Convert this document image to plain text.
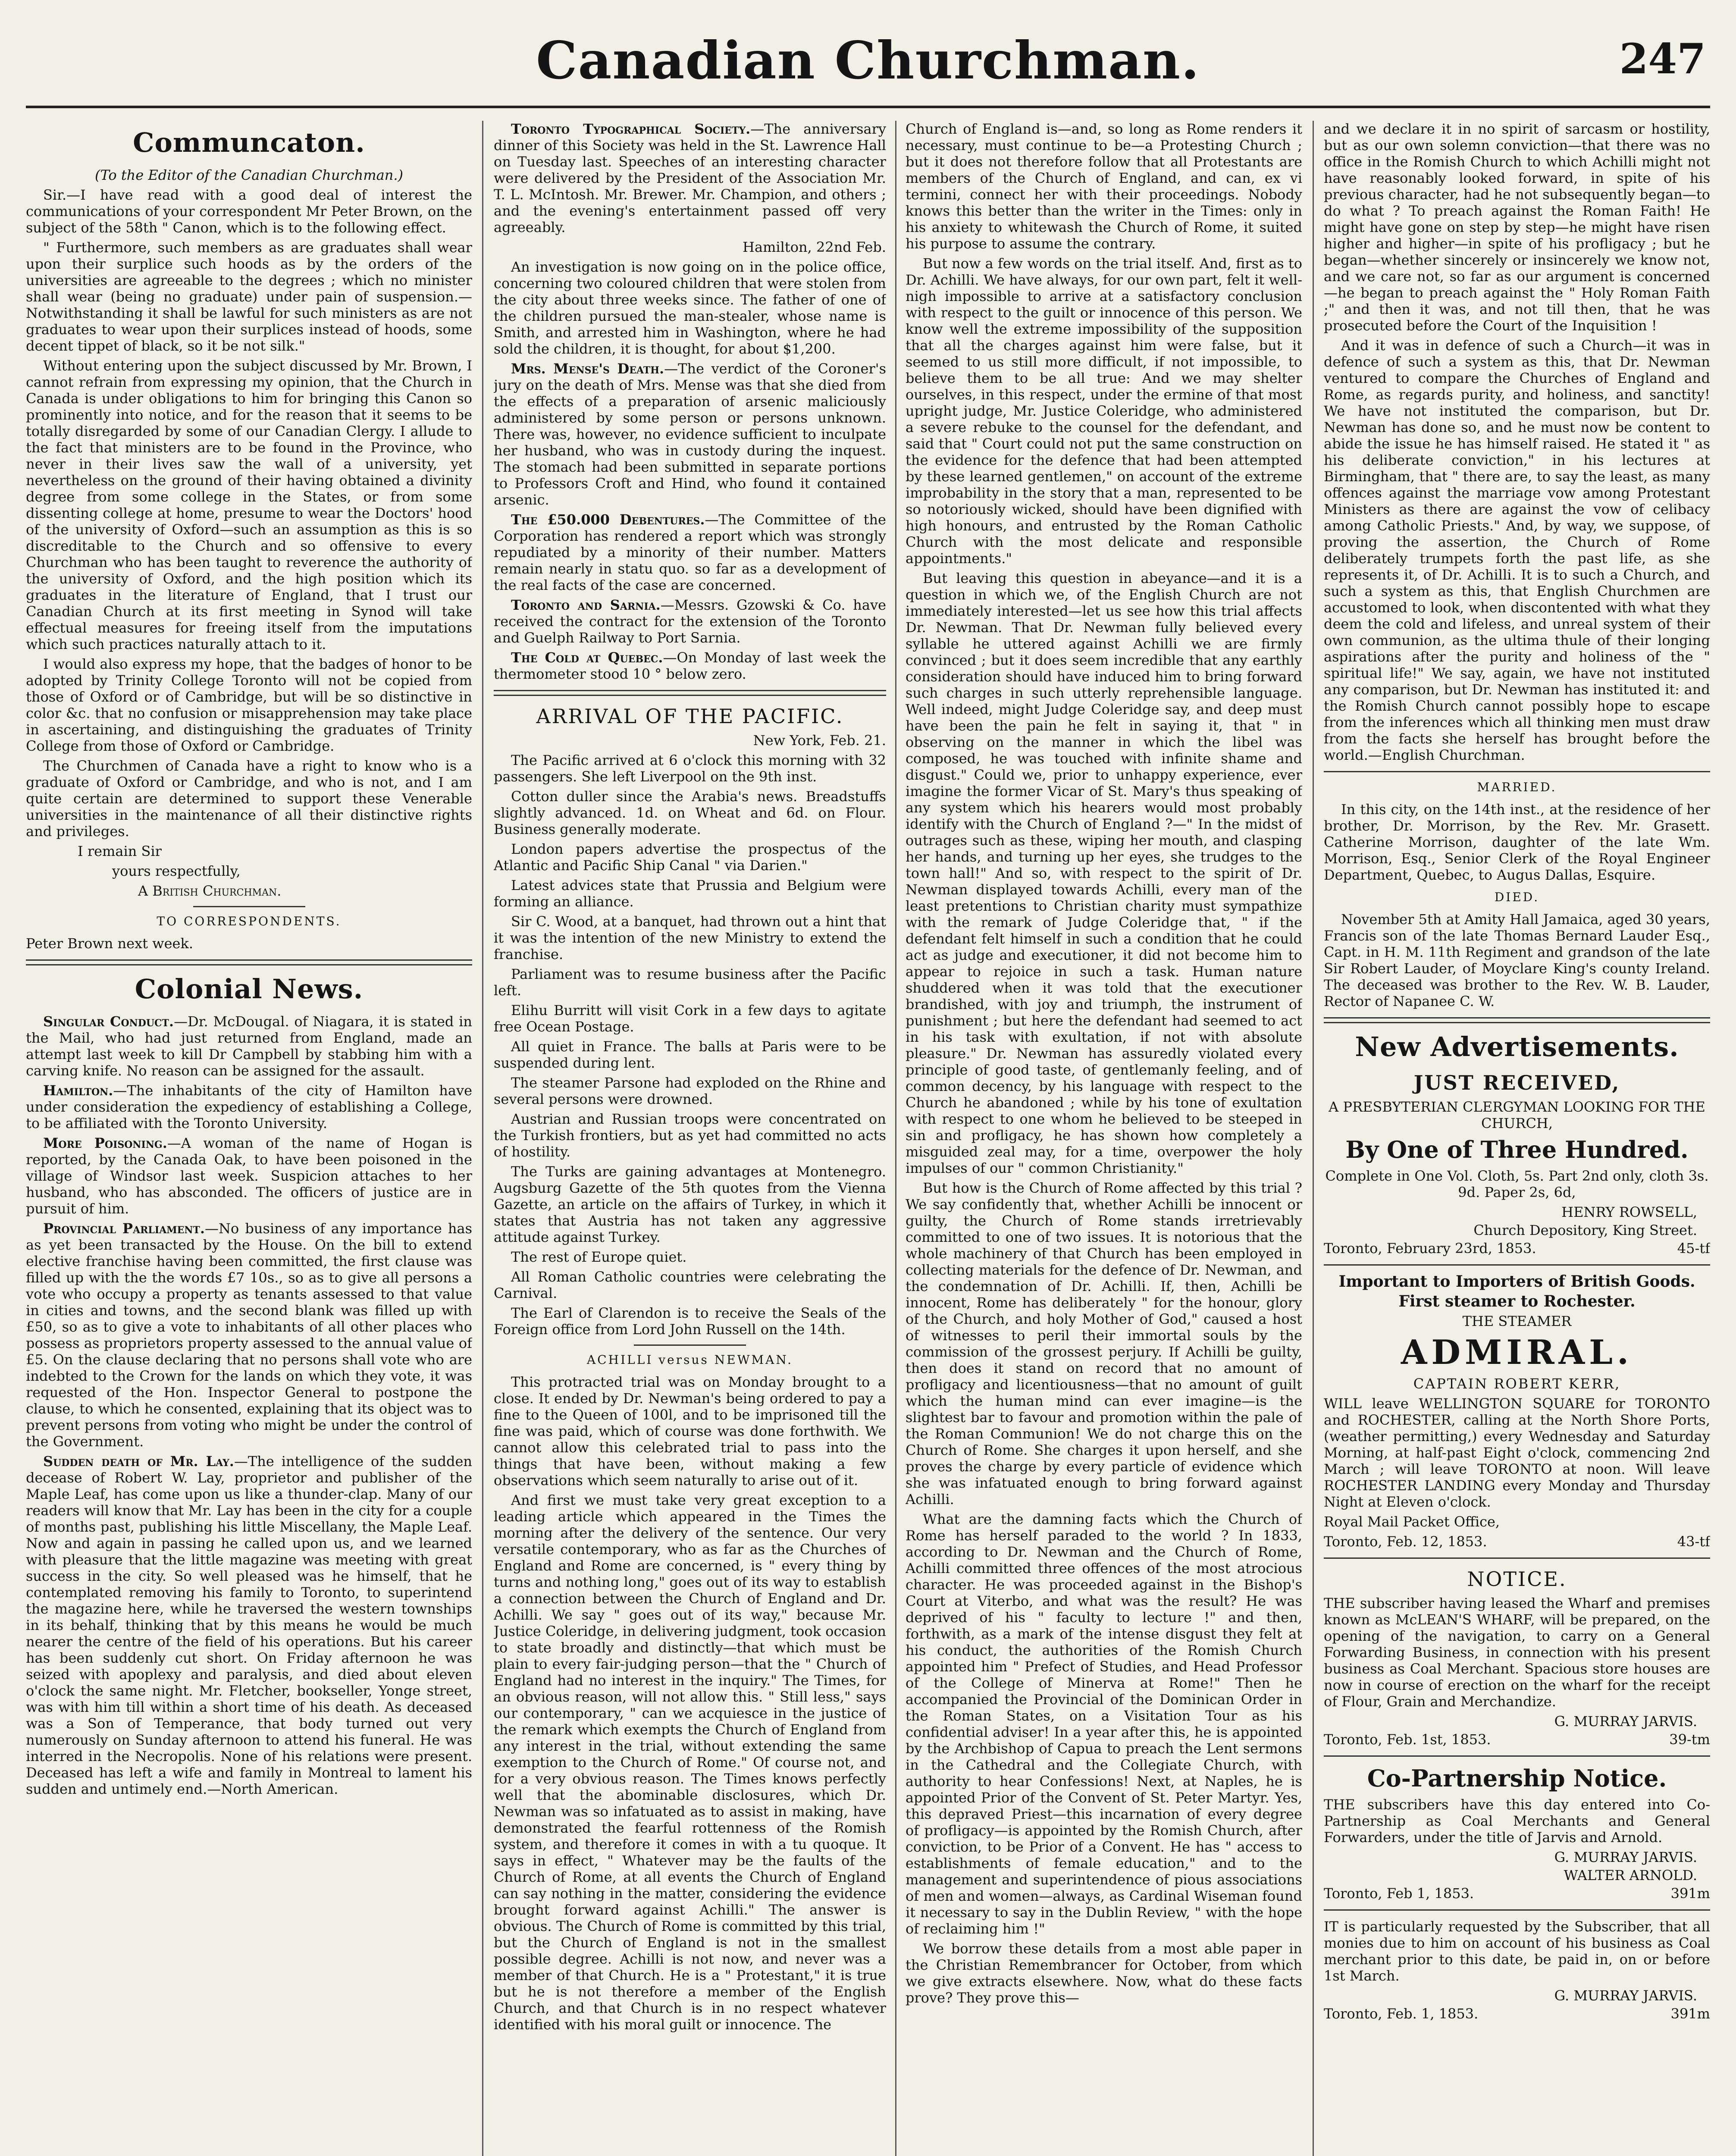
Canadian Churchman.	247
Communcaton.

(To the Editor of the Canadian Churchman.)

Sir.—I have read with a good deal of interest the communications of your correspondent Mr Peter Brown, on the subject of the 58th " Canon, which is to the following effect.

" Furthermore, such members as are graduates shall wear upon their surplice such hoods as by the orders of the universities are agreeable to the degrees ; which no minister shall wear (being no graduate) under pain of suspension.—Notwithstanding it shall be lawful for such ministers as are not graduates to wear upon their surplices instead of hoods, some decent tippet of black, so it be not silk."

Without entering upon the subject discussed by Mr. Brown, I cannot refrain from expressing my opinion, that the Church in Canada is under obligations to him for bringing this Canon so prominently into notice, and for the reason that it seems to be totally disregarded by some of our Canadian Clergy. I allude to the fact that ministers are to be found in the Province, who never in their lives saw the wall of a university, yet nevertheless on the ground of their having obtained a divinity degree from some college in the States, or from some dissenting college at home, presume to wear the Doctors' hood of the university of Oxford—such an assumption as this is so discreditable to the Church and so offensive to every Churchman who has been taught to reverence the authority of the university of Oxford, and the high position which its graduates in the literature of England, that I trust our Canadian Church at its first meeting in Synod will take effectual measures for freeing itself from the imputations which such practices naturally attach to it.

I would also express my hope, that the badges of honor to be adopted by Trinity College Toronto will not be copied from those of Oxford or of Cambridge, but will be so distinctive in color &c. that no confusion or misapprehension may take place in ascertaining, and distinguishing the graduates of Trinity College from those of Oxford or Cambridge.

The Churchmen of Canada have a right to know who is a graduate of Oxford or Cambridge, and who is not, and I am quite certain are determined to support these Venerable universities in the maintenance of all their distinctive rights and privileges.

I remain Sir

yours respectfully,

A British Churchman.

TO CORRESPONDENTS.

Peter Brown next week.

Colonial News.

Singular Conduct.—Dr. McDougal. of Niagara, it is stated in the Mail, who had just returned from England, made an attempt last week to kill Dr Campbell by stabbing him with a carving knife. No reason can be assigned for the assault.

Hamilton.—The inhabitants of the city of Hamilton have under consideration the expediency of establishing a College, to be affiliated with the Toronto University.

More Poisoning.—A woman of the name of Hogan is reported, by the Canada Oak, to have been poisoned in the village of Windsor last week. Suspicion attaches to her husband, who has absconded. The officers of justice are in pursuit of him.

Provincial Parliament.—No business of any importance has as yet been transacted by the House. On the bill to extend elective franchise having been committed, the first clause was filled up with the the words £7 10s., so as to give all persons a vote who occupy a property as tenants assessed to that value in cities and towns, and the second blank was filled up with £50, so as to give a vote to inhabitants of all other places who possess as proprietors property assessed to the annual value of £5. On the clause declaring that no persons shall vote who are indebted to the Crown for the lands on which they vote, it was requested of the Hon. Inspector General to postpone the clause, to which he consented, explaining that its object was to prevent persons from voting who might be under the control of the Government.

Sudden death of Mr. Lay.—The intelligence of the sudden decease of Robert W. Lay, proprietor and publisher of the Maple Leaf, has come upon us like a thunder-clap. Many of our readers will know that Mr. Lay has been in the city for a couple of months past, publishing his little Miscellany, the Maple Leaf. Now and again in passing he called upon us, and we learned with pleasure that the little magazine was meeting with great success in the city. So well pleased was he himself, that he contemplated removing his family to Toronto, to superintend the magazine here, while he traversed the western townships in its behalf, thinking that by this means he would be much nearer the centre of the field of his operations. But his career has been suddenly cut short. On Friday afternoon he was seized with apoplexy and paralysis, and died about eleven o'clock the same night. Mr. Fletcher, bookseller, Yonge street, was with him till within a short time of his death. As deceased was a Son of Temperance, that body turned out very numerously on Sunday afternoon to attend his funeral. He was interred in the Necropolis. None of his relations were present. Deceased has left a wife and family in Montreal to lament his sudden and untimely end.—North American.

Toronto Typographical Society.—The anniversary dinner of this Society was held in the St. Lawrence Hall on Tuesday last. Speeches of an interesting character were delivered by the President of the Association Mr. T. L. McIntosh. Mr. Brewer. Mr. Champion, and others ; and the evening's entertainment passed off very agreeably.

Hamilton, 22nd Feb.

An investigation is now going on in the police office, concerning two coloured children that were stolen from the city about three weeks since. The father of one of the children pursued the man-stealer, whose name is Smith, and arrested him in Washington, where he had sold the children, it is thought, for about $1,200.

Mrs. Mense's Death.—The verdict of the Coroner's jury on the death of Mrs. Mense was that she died from the effects of a preparation of arsenic maliciously administered by some person or persons unknown. There was, however, no evidence sufficient to inculpate her husband, who was in custody during the inquest. The stomach had been submitted in separate portions to Professors Croft and Hind, who found it contained arsenic.

The £50.000 Debentures.—The Committee of the Corporation has rendered a report which was strongly repudiated by a minority of their number. Matters remain nearly in statu quo. so far as a development of the real facts of the case are concerned.

Toronto and Sarnia.—Messrs. Gzowski & Co. have received the contract for the extension of the Toronto and Guelph Railway to Port Sarnia.

The Cold at Quebec.—On Monday of last week the thermometer stood 10 ° below zero.

ARRIVAL OF THE PACIFIC.

New York, Feb. 21.

The Pacific arrived at 6 o'clock this morning with 32 passengers. She left Liverpool on the 9th inst.

Cotton duller since the Arabia's news. Breadstuffs slightly advanced. 1d. on Wheat and 6d. on Flour. Business generally moderate.

London papers advertise the prospectus of the Atlantic and Pacific Ship Canal " via Darien."

Latest advices state that Prussia and Belgium were forming an alliance.

Sir C. Wood, at a banquet, had thrown out a hint that it was the intention of the new Ministry to extend the franchise.

Parliament was to resume business after the Pacific left.

Elihu Burritt will visit Cork in a few days to agitate free Ocean Postage.

All quiet in France. The balls at Paris were to be suspended during lent.

The steamer Parsone had exploded on the Rhine and several persons were drowned.

Austrian and Russian troops were concentrated on the Turkish frontiers, but as yet had committed no acts of hostility.

The Turks are gaining advantages at Montenegro. Augsburg Gazette of the 5th quotes from the Vienna Gazette, an article on the affairs of Turkey, in which it states that Austria has not taken any aggressive attitude against Turkey.

The rest of Europe quiet.

All Roman Catholic countries were celebrating the Carnival.

The Earl of Clarendon is to receive the Seals of the Foreign office from Lord John Russell on the 14th.

ACHILLI versus NEWMAN.

This protracted trial was on Monday brought to a close. It ended by Dr. Newman's being ordered to pay a fine to the Queen of 100l, and to be imprisoned till the fine was paid, which of course was done forthwith. We cannot allow this celebrated trial to pass into the things that have been, without making a few observations which seem naturally to arise out of it.

And first we must take very great exception to a leading article which appeared in the Times the morning after the delivery of the sentence. Our very versatile contemporary, who as far as the Churches of England and Rome are concerned, is " every thing by turns and nothing long," goes out of its way to establish a connection between the Church of England and Dr. Achilli. We say " goes out of its way," because Mr. Justice Coleridge, in delivering judgment, took occasion to state broadly and distinctly—that which must be plain to every fair-judging person—that the " Church of England had no interest in the inquiry." The Times, for an obvious reason, will not allow this. " Still less," says our contemporary, " can we acquiesce in the justice of the remark which exempts the Church of England from any interest in the trial, without extending the same exemption to the Church of Rome." Of course not, and for a very obvious reason. The Times knows perfectly well that the abominable disclosures, which Dr. Newman was so infatuated as to assist in making, have demonstrated the fearful rottenness of the Romish system, and therefore it comes in with a tu quoque. It says in effect, " Whatever may be the faults of the Church of Rome, at all events the Church of England can say nothing in the matter, considering the evidence brought forward against Achilli." The answer is obvious. The Church of Rome is committed by this trial, but the Church of England is not in the smallest possible degree. Achilli is not now, and never was a member of that Church. He is a " Protestant," it is true but he is not therefore a member of the English Church, and that Church is in no respect whatever identified with his moral guilt or innocence. The

Church of England is—and, so long as Rome renders it necessary, must continue to be—a Protesting Church ; but it does not therefore follow that all Protestants are members of the Church of England, and can, ex vi termini, connect her with their proceedings. Nobody knows this better than the writer in the Times: only in his anxiety to whitewash the Church of Rome, it suited his purpose to assume the contrary.

But now a few words on the trial itself. And, first as to Dr. Achilli. We have always, for our own part, felt it well-nigh impossible to arrive at a satisfactory conclusion with respect to the guilt or innocence of this person. We know well the extreme impossibility of the supposition that all the charges against him were false, but it seemed to us still more difficult, if not impossible, to believe them to be all true: And we may shelter ourselves, in this respect, under the ermine of that most upright judge, Mr. Justice Coleridge, who administered a severe rebuke to the counsel for the defendant, and said that " Court could not put the same construction on the evidence for the defence that had been attempted by these learned gentlemen," on account of the extreme improbability in the story that a man, represented to be so notoriously wicked, should have been dignified with high honours, and entrusted by the Roman Catholic Church with the most delicate and responsible appointments."

But leaving this question in abeyance—and it is a question in which we, of the English Church are not immediately interested—let us see how this trial affects Dr. Newman. That Dr. Newman fully believed every syllable he uttered against Achilli we are firmly convinced ; but it does seem incredible that any earthly consideration should have induced him to bring forward such charges in such utterly reprehensible language. Well indeed, might Judge Coleridge say, and deep must have been the pain he felt in saying it, that " in observing on the manner in which the libel was composed, he was touched with infinite shame and disgust." Could we, prior to unhappy experience, ever imagine the former Vicar of St. Mary's thus speaking of any system which his hearers would most probably identify with the Church of England ?—" In the midst of outrages such as these, wiping her mouth, and clasping her hands, and turning up her eyes, she trudges to the town hall!" And so, with respect to the spirit of Dr. Newman displayed towards Achilli, every man of the least pretentions to Christian charity must sympathize with the remark of Judge Coleridge that, " if the defendant felt himself in such a condition that he could act as judge and executioner, it did not become him to appear to rejoice in such a task. Human nature shuddered when it was told that the executioner brandished, with joy and triumph, the instrument of punishment ; but here the defendant had seemed to act in his task with exultation, if not with absolute pleasure." Dr. Newman has assuredly violated every principle of good taste, of gentlemanly feeling, and of common decency, by his language with respect to the Church he abandoned ; while by his tone of exultation with respect to one whom he believed to be steeped in sin and profligacy, he has shown how completely a misguided zeal may, for a time, overpower the holy impulses of our " common Christianity."

But how is the Church of Rome affected by this trial ? We say confidently that, whether Achilli be innocent or guilty, the Church of Rome stands irretrievably committed to one of two issues. It is notorious that the whole machinery of that Church has been employed in collecting materials for the defence of Dr. Newman, and the condemnation of Dr. Achilli. If, then, Achilli be innocent, Rome has deliberately " for the honour, glory of the Church, and holy Mother of God," caused a host of witnesses to peril their immortal souls by the commission of the grossest perjury. If Achilli be guilty, then does it stand on record that no amount of profligacy and licentiousness—that no amount of guilt which the human mind can ever imagine—is the slightest bar to favour and promotion within the pale of the Roman Communion! We do not charge this on the Church of Rome. She charges it upon herself, and she proves the charge by every particle of evidence which she was infatuated enough to bring forward against Achilli.

What are the damning facts which the Church of Rome has herself paraded to the world ? In 1833, according to Dr. Newman and the Church of Rome, Achilli committed three offences of the most atrocious character. He was proceeded against in the Bishop's Court at Viterbo, and what was the result? He was deprived of his " faculty to lecture !" and then, forthwith, as a mark of the intense disgust they felt at his conduct, the authorities of the Romish Church appointed him " Prefect of Studies, and Head Professor of the College of Minerva at Rome!" Then he accompanied the Provincial of the Dominican Order in the Roman States, on a Visitation Tour as his confidential adviser! In a year after this, he is appointed by the Archbishop of Capua to preach the Lent sermons in the Cathedral and the Collegiate Church, with authority to hear Confessions! Next, at Naples, he is appointed Prior of the Convent of St. Peter Martyr. Yes, this depraved Priest—this incarnation of every degree of profligacy—is appointed by the Romish Church, after conviction, to be Prior of a Convent. He has " access to establishments of female education," and to the management and superintendence of pious associations of men and women—always, as Cardinal Wiseman found it necessary to say in the Dublin Review, " with the hope of reclaiming him !"

We borrow these details from a most able paper in the Christian Remembrancer for October, from which we give extracts elsewhere. Now, what do these facts prove? They prove this—

and we declare it in no spirit of sarcasm or hostility, but as our own solemn conviction—that there was no office in the Romish Church to which Achilli might not have reasonably looked forward, in spite of his previous character, had he not subsequently began—to do what ? To preach against the Roman Faith! He might have gone on step by step—he might have risen higher and higher—in spite of his profligacy ; but he began—whether sincerely or insincerely we know not, and we care not, so far as our argument is concerned—he began to preach against the " Holy Roman Faith ;" and then it was, and not till then, that he was prosecuted before the Court of the Inquisition !

And it was in defence of such a Church—it was in defence of such a system as this, that Dr. Newman ventured to compare the Churches of England and Rome, as regards purity, and holiness, and sanctity! We have not instituted the comparison, but Dr. Newman has done so, and he must now be content to abide the issue he has himself raised. He stated it " as his deliberate conviction," in his lectures at Birmingham, that " there are, to say the least, as many offences against the marriage vow among Protestant Ministers as there are against the vow of celibacy among Catholic Priests." And, by way, we suppose, of proving the assertion, the Church of Rome deliberately trumpets forth the past life, as she represents it, of Dr. Achilli. It is to such a Church, and such a system as this, that English Churchmen are accustomed to look, when discontented with what they deem the cold and lifeless, and unreal system of their own communion, as the ultima thule of their longing aspirations after the purity and holiness of the " spiritual life!" We say, again, we have not instituted any comparison, but Dr. Newman has instituted it: and the Romish Church cannot possibly hope to escape from the inferences which all thinking men must draw from the facts she herself has brought before the world.—English Churchman.

MARRIED.

In this city, on the 14th inst., at the residence of her brother, Dr. Morrison, by the Rev. Mr. Grasett. Catherine Morrison, daughter of the late Wm. Morrison, Esq., Senior Clerk of the Royal Engineer Department, Quebec, to Augus Dallas, Esquire.

DIED.

November 5th at Amity Hall Jamaica, aged 30 years, Francis son of the late Thomas Bernard Lauder Esq., Capt. in H. M. 11th Regiment and grandson of the late Sir Robert Lauder, of Moyclare King's county Ireland. The deceased was brother to the Rev. W. B. Lauder, Rector of Napanee C. W.

New Advertisements.
JUST RECEIVED,

A PRESBYTERIAN CLERGYMAN LOOKING FOR THE CHURCH,

By One of Three Hundred.

Complete in One Vol. Cloth, 5s. Part 2nd only, cloth 3s. 9d. Paper 2s, 6d,

HENRY ROWSELL,

Church Depository, King Street.

Toronto, February 23rd, 1853.	45-tf

Important to Importers of British Goods.

First steamer to Rochester.

THE STEAMER

ADMIRAL.

CAPTAIN ROBERT KERR,

WILL leave WELLINGTON SQUARE for TORONTO and ROCHESTER, calling at the North Shore Ports, (weather permitting,) every Wednesday and Saturday Morning, at half-past Eight o'clock, commencing 2nd March ; will leave TORONTO at noon. Will leave ROCHESTER LANDING every Monday and Thursday Night at Eleven o'clock.

Royal Mail Packet Office,

Toronto, Feb. 12, 1853.	43-tf

NOTICE.

THE subscriber having leased the Wharf and premises known as McLEAN'S WHARF, will be prepared, on the opening of the navigation, to carry on a General Forwarding Business, in connection with his present business as Coal Merchant. Spacious store houses are now in course of erection on the wharf for the receipt of Flour, Grain and Merchandize.

G. MURRAY JARVIS.

Toronto, Feb. 1st, 1853.	39-tm

Co-Partnership Notice.

THE subscribers have this day entered into Co-Partnership as Coal Merchants and General Forwarders, under the title of Jarvis and Arnold.

G. MURRAY JARVIS.

WALTER ARNOLD.

Toronto, Feb 1, 1853.	391m

IT is particularly requested by the Subscriber, that all monies due to him on account of his business as Coal merchant prior to this date, be paid in, on or before 1st March.

G. MURRAY JARVIS.

Toronto, Feb. 1, 1853.	391m
